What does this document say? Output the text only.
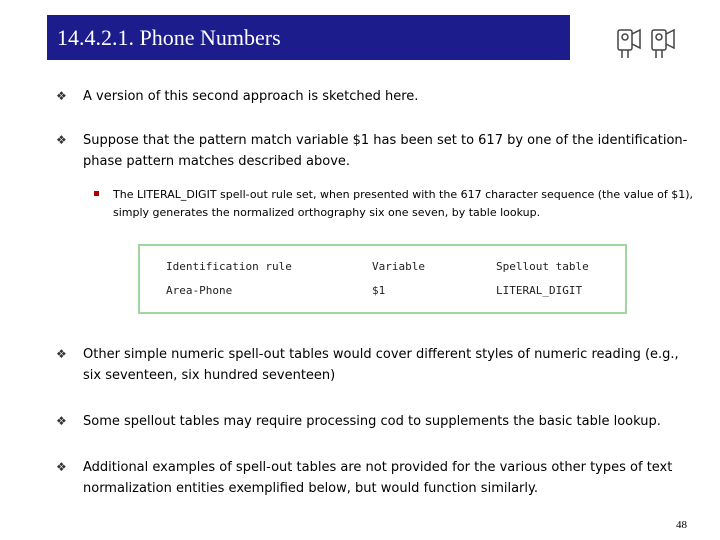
14.4.2.1. Phone Numbers
❖	A version of this second approach is sketched here.
❖	Suppose that the pattern match variable $1 has been set to 617 by one of the identification-phase pattern matches described above.
The LITERAL_DIGIT spell-out rule set, when presented with the 617 character sequence (the value of $1), simply generates the normalized orthography six one seven, by table lookup.
Identification rule	Variable	Spellout table
Area-Phone	$1	LITERAL_DIGIT
❖	Other simple numeric spell-out tables would cover different styles of numeric reading (e.g., six seventeen, six hundred seventeen)
❖	Some spellout tables may require processing cod to supplements the basic table lookup.
❖	Additional examples of spell-out tables are not provided for the various other types of text normalization entities exemplified below, but would function similarly.
48
